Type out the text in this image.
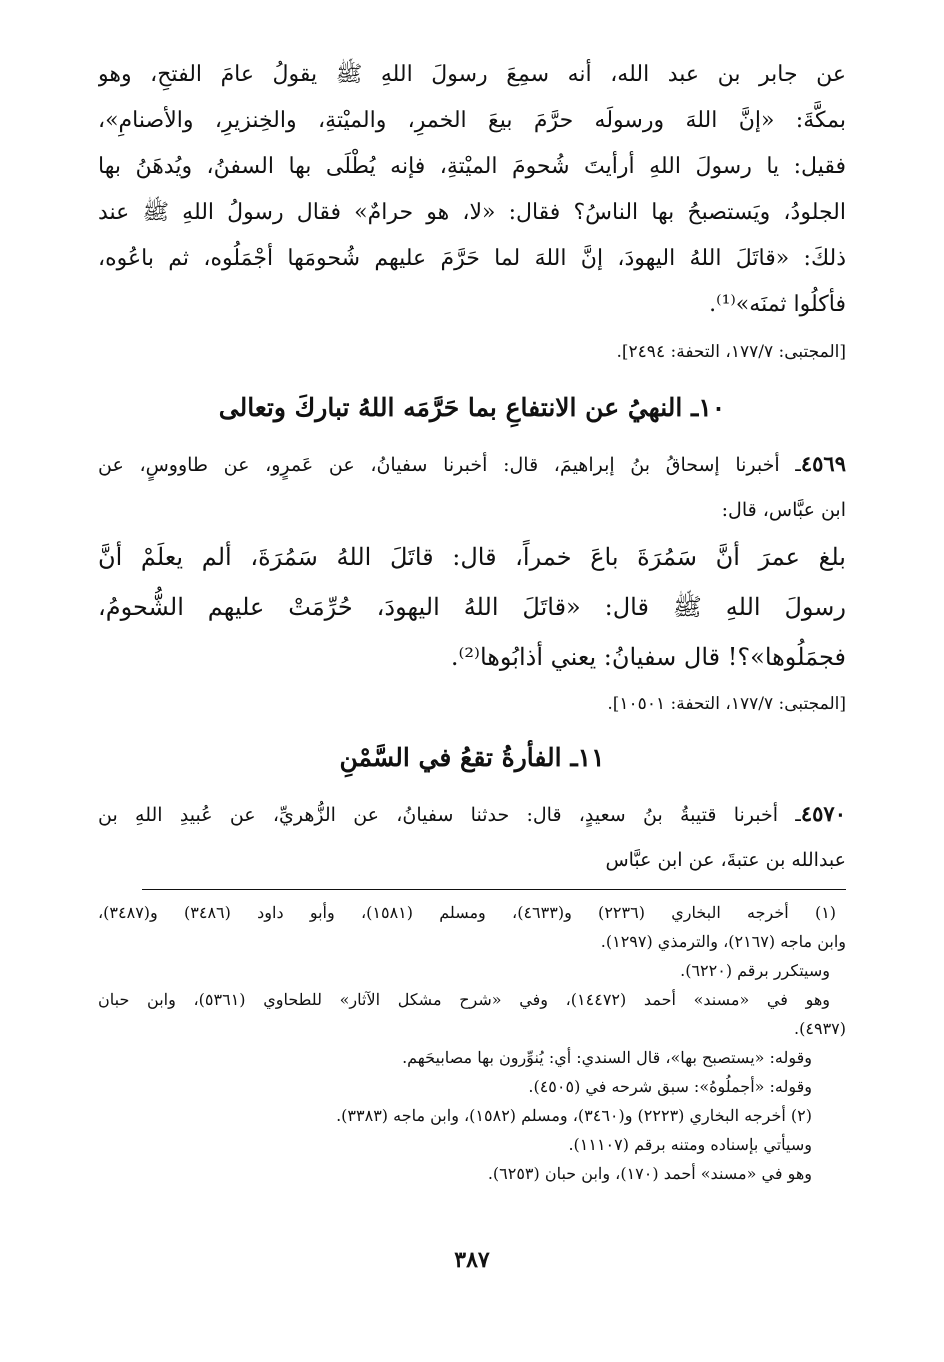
عن جابر بن عبد الله، أنه سمِعَ رسولَ اللهِ ﷺ يقولُ عامَ الفتحِ، وهو
بمكَّةَ: «إنَّ اللهَ ورسولَه حرَّمَ بيعَ الخمرِ، والميْتةِ، والخِنزيرِ، والأصنامِ»،
فقيل: يا رسولَ اللهِ أرأيتَ شُحومَ الميْتةِ، فإنه يُطْلَى بها السفنُ، ويُدهَنُ بها
الجلودُ، ويَستصبحُ بها الناسُ؟ فقال: «لا، هو حرامٌ» فقال رسولُ اللهِ ﷺ عند
ذلكَ: «قاتَلَ اللهُ اليهودَ، إنَّ اللهَ لما حَرَّمَ عليهم شُحومَها أجْمَلُوه، ثم باعُوه،
فأكلُوا ثمنَه»⁽¹⁾.
[المجتبى: ١٧٧/٧، التحفة: ٢٤٩٤].
١٠ـ النهيُ عن الانتفاعِ بما حَرَّمَه اللهُ تباركَ وتعالى
٤٥٦٩ـ أخبرنا إسحاقُ بنُ إبراهيمَ، قال: أخبرنا سفيانُ، عن عَمرٍو، عن طاووسٍ، عن
ابن عبَّاس، قال:
بلغ عمرَ أنَّ سَمُرَةَ باعَ خمراً، قال: قاتَلَ اللهُ سَمُرَةَ، ألم يعلَمْ أنَّ
رسولَ اللهِ ﷺ قال: «قاتَلَ اللهُ اليهودَ، حُرِّمَتْ عليهم الشُّحومُ،
فجمَلُوها»؟! قال سفيانُ: يعني أذابُوها⁽²⁾.
[المجتبى: ١٧٧/٧، التحفة: ١٠٥٠١].
١١ـ الفأرةُ تقعُ في السَّمْنِ
٤٥٧٠ـ أخبرنا قتيبةُ بنُ سعيدٍ، قال: حدثنا سفيانُ، عن الزُّهريِّ، عن عُبيدِ اللهِ بن
عبدالله بن عتبةَ، عن ابن عبَّاس
(١) أخرجه البخاري (٢٢٣٦) و(٤٦٣٣)، ومسلم (١٥٨١)، وأبو داود (٣٤٨٦) و(٣٤٨٧)،
وابن ماجه (٢١٦٧)، والترمذي (١٢٩٧).
وسيتكرر برقم (٦٢٢٠).
وهو في «مسند» أحمد (١٤٤٧٢)، وفي «شرح مشكل الآثار» للطحاوي (٥٣٦١)، وابن حبان
(٤٩٣٧).
وقوله: «يستصبح بها»، قال السندي: أي: يُنوِّرون بها مصابيحَهم.
وقوله: «أجملُوهُ»: سبق شرحه في (٤٥٠٥).
(٢) أخرجه البخاري (٢٢٢٣) و(٣٤٦٠)، ومسلم (١٥٨٢)، وابن ماجه (٣٣٨٣).
وسيأتي بإسناده ومتنه برقم (١١١٠٧).
وهو في «مسند» أحمد (١٧٠)، وابن حبان (٦٢٥٣).
٣٨٧
